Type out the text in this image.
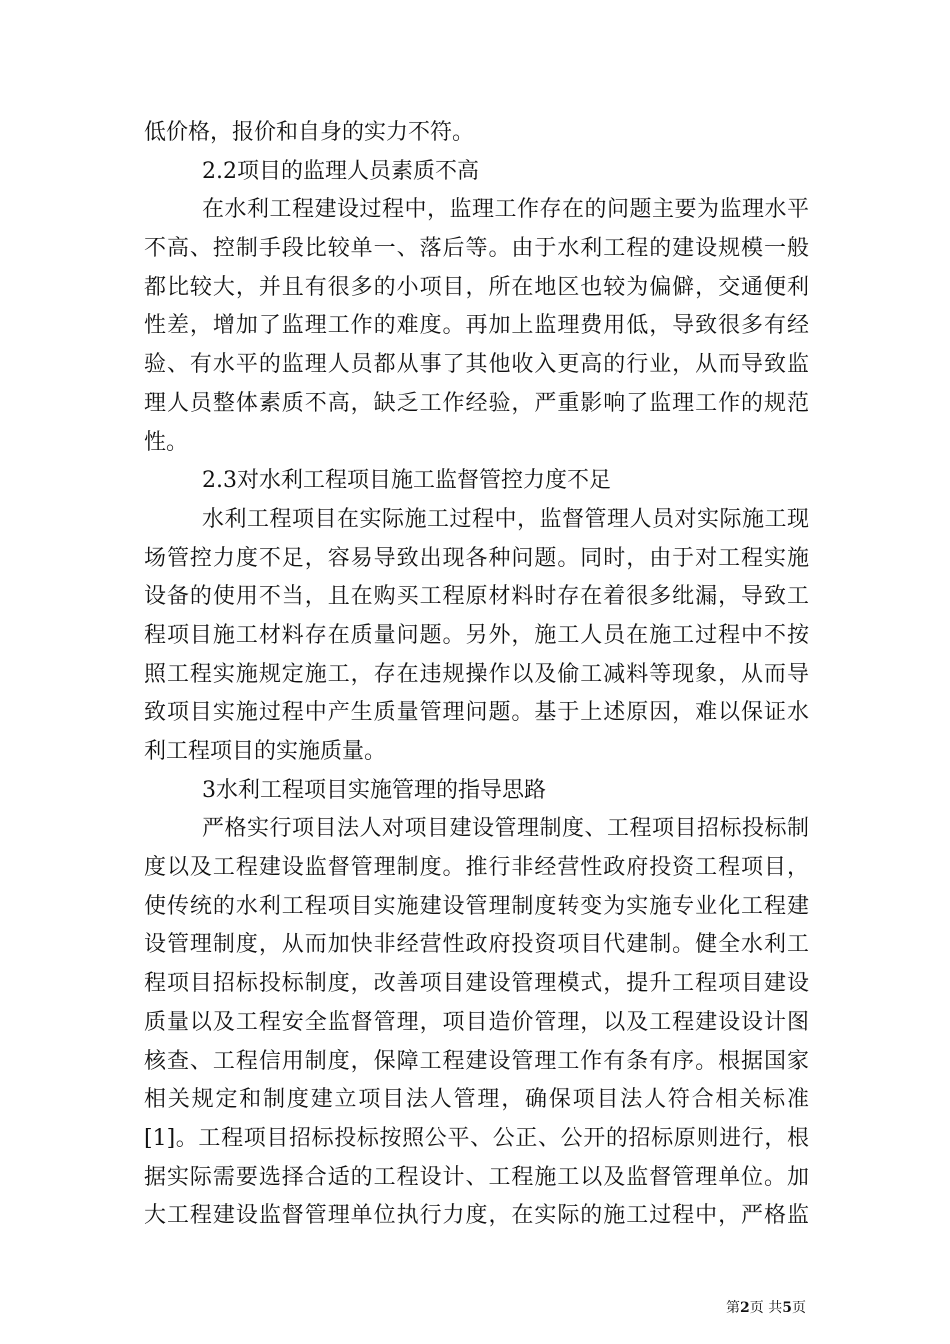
低价格，报价和自身的实力不符。
2.2项目的监理人员素质不高
在水利工程建设过程中，监理工作存在的问题主要为监理水平
不高、控制手段比较单一、落后等。由于水利工程的建设规模一般
都比较大，并且有很多的小项目，所在地区也较为偏僻，交通便利
性差，增加了监理工作的难度。再加上监理费用低，导致很多有经
验、有水平的监理人员都从事了其他收入更高的行业，从而导致监
理人员整体素质不高，缺乏工作经验，严重影响了监理工作的规范
性。
2.3对水利工程项目施工监督管控力度不足
水利工程项目在实际施工过程中，监督管理人员对实际施工现
场管控力度不足，容易导致出现各种问题。同时，由于对工程实施
设备的使用不当，且在购买工程原材料时存在着很多纰漏，导致工
程项目施工材料存在质量问题。另外，施工人员在施工过程中不按
照工程实施规定施工，存在违规操作以及偷工减料等现象，从而导
致项目实施过程中产生质量管理问题。基于上述原因，难以保证水
利工程项目的实施质量。
3水利工程项目实施管理的指导思路
严格实行项目法人对项目建设管理制度、工程项目招标投标制
度以及工程建设监督管理制度。推行非经营性政府投资工程项目，
使传统的水利工程项目实施建设管理制度转变为实施专业化工程建
设管理制度，从而加快非经营性政府投资项目代建制。健全水利工
程项目招标投标制度，改善项目建设管理模式，提升工程项目建设
质量以及工程安全监督管理，项目造价管理，以及工程建设设计图
核查、工程信用制度，保障工程建设管理工作有条有序。根据国家
相关规定和制度建立项目法人管理，确保项目法人符合相关标准
[1]。工程项目招标投标按照公平、公正、公开的招标原则进行，根
据实际需要选择合适的工程设计、工程施工以及监督管理单位。加
大工程建设监督管理单位执行力度，在实际的施工过程中，严格监
第2页 共5页
